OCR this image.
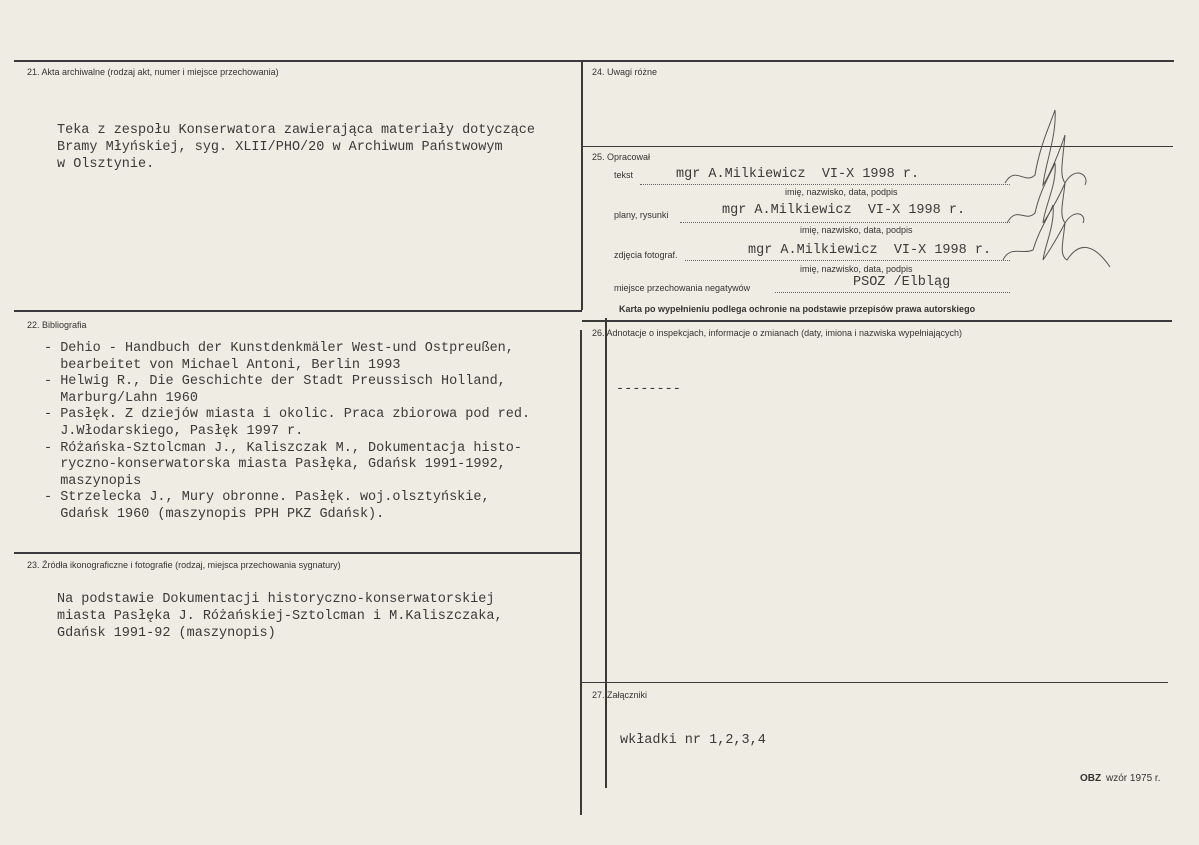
21. Akta archiwalne (rodzaj akt, numer i miejsce przechowania)
Teka z zespołu Konserwatora zawierająca materiały dotyczące
Bramy Młyńskiej, syg. XLII/PHO/20 w Archiwum Państwowym
w Olsztynie.
22. Bibliografia
- Dehio - Handbuch der Kunstdenkmäler West-und Ostpreußen,
bearbeitet von Michael Antoni, Berlin 1993
- Helwig R., Die Geschichte der Stadt Preussisch Holland,
Marburg/Lahn 1960
- Pasłęk. Z dziejów miasta i okolic. Praca zbiorowa pod red.
J.Włodarskiego, Pasłęk 1997 r.
- Różańska-Sztolcman J., Kaliszczak M., Dokumentacja histo-
ryczno-konserwatorska miasta Pasłęka, Gdańsk 1991-1992,
maszynopis
- Strzelecka J., Mury obronne. Pasłęk. woj.olsztyńskie,
Gdańsk 1960 (maszynopis PPH PKZ Gdańsk).
23. Źródła ikonograficzne i fotografie (rodzaj, miejsca przechowania sygnatury)
Na podstawie Dokumentacji historyczno-konserwatorskiej
miasta Pasłęka J. Różańskiej-Sztolcman i M.Kaliszczaka,
Gdańsk 1991-92 (maszynopis)
24. Uwagi różne
25. Opracował
tekst	mgr A.Milkiewicz  VI-X 1998 r.
imię, nazwisko, data, podpis
plany, rysunki	mgr A.Milkiewicz  VI-X 1998 r.
imię, nazwisko, data, podpis
zdjęcia fotograf.	mgr A.Milkiewicz  VI-X 1998 r.
imię, nazwisko, data, podpis
miejsce przechowania negatywów	PSOZ /Elbląg
Karta po wypełnieniu podlega ochronie na podstawie przepisów prawa autorskiego
26. Adnotacje o inspekcjach, informacje o zmianach (daty, imiona i nazwiska wypełniających)
--------
27. Załączniki
wkładki nr 1,2,3,4
OBZ wzór 1975 r.
